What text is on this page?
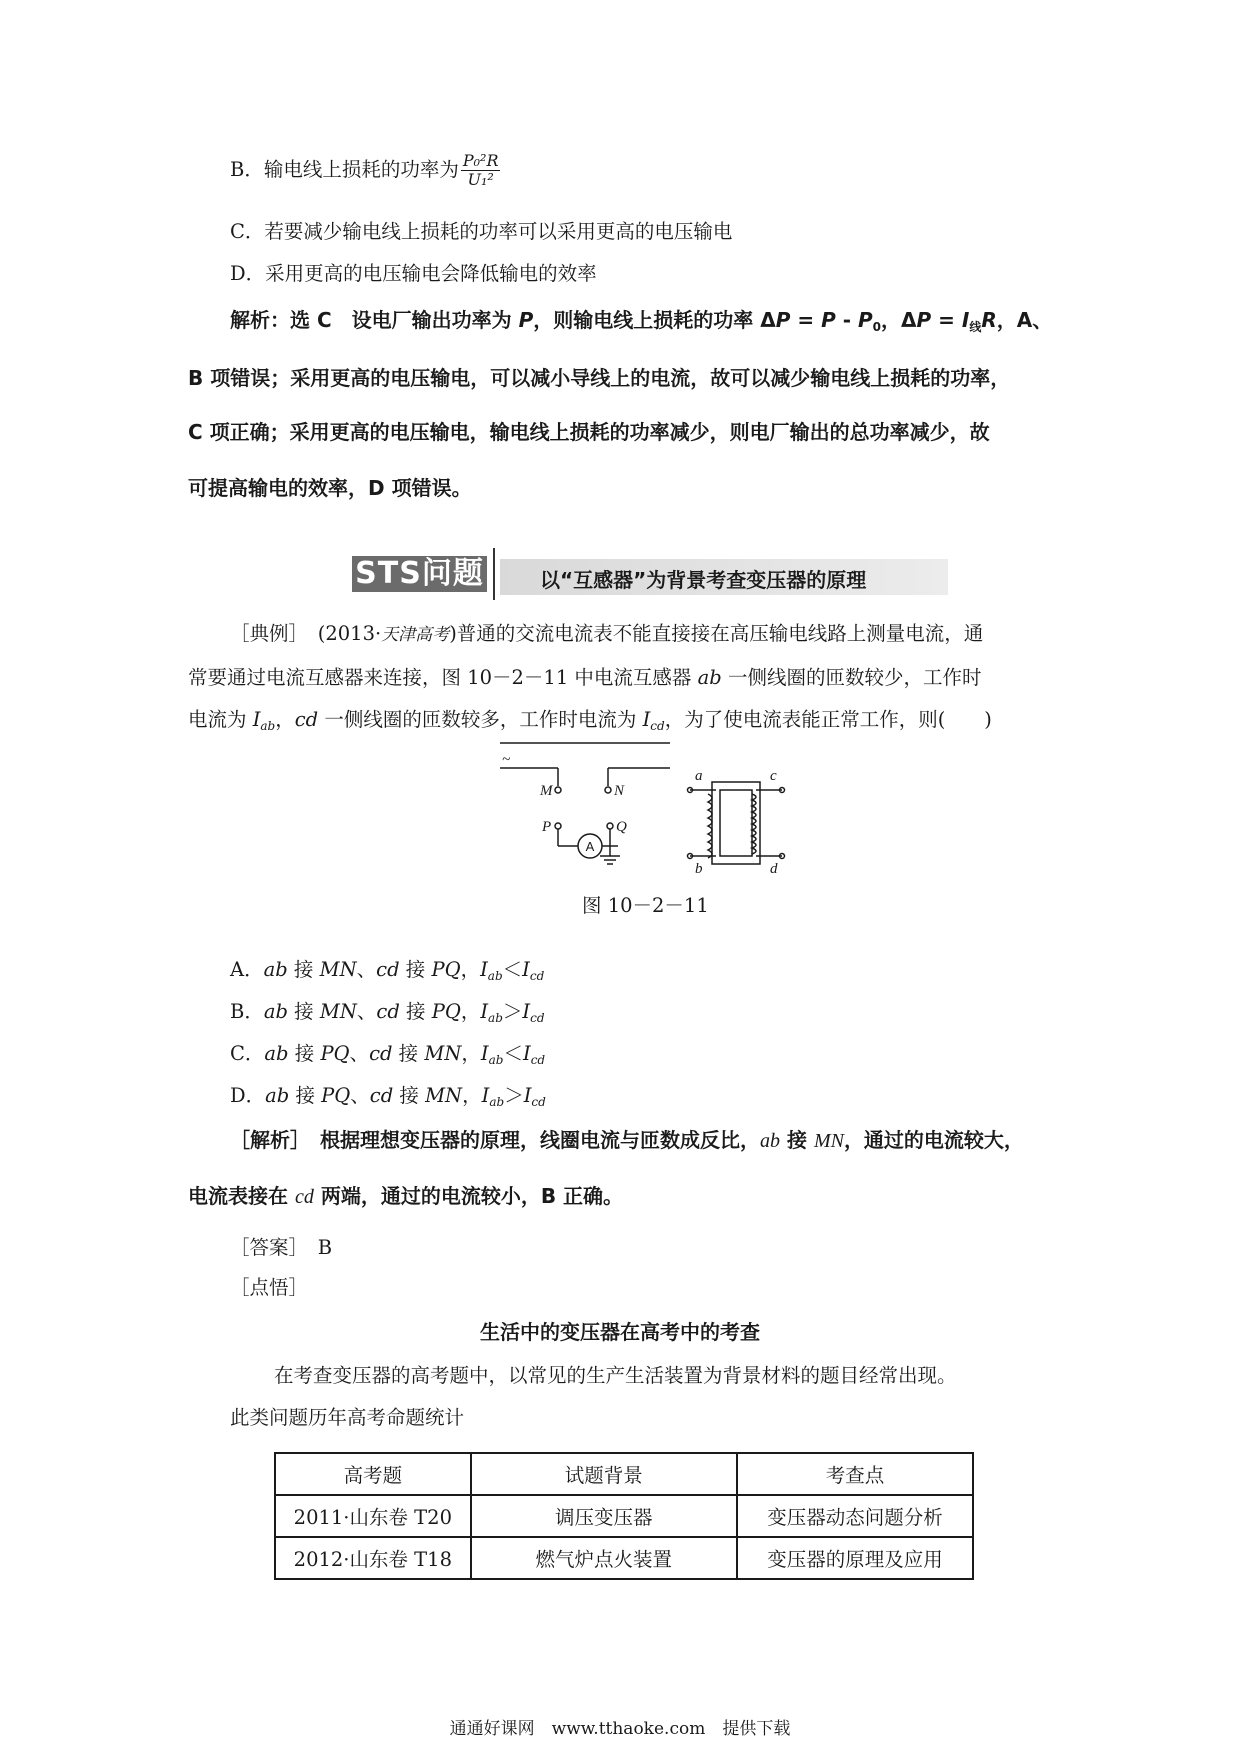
B．输电线上损耗的功率为 $\frac{\text{P₀²R}}{\text{U₁²}}$
C．若要减少输电线上损耗的功率可以采用更高的电压输电
D．采用更高的电压输电会降低输电的效率
解析：选 C　设电厂输出功率为 P，则输电线上损耗的功率 $\Delta P = P - P_0$，$\Delta P = I_线R$，A、
B 项错误；采用更高的电压输电，可以减小导线上的电流，故可以减少输电线上损耗的功率，
C 项正确；采用更高的电压输电，输电线上损耗的功率减少，则电厂输出的总功率减少，故
可提高输电的效率，D 项错误。
STS问题	以“互感器”为背景考查变压器的原理
［典例］　(2013·天津高考)普通的交流电流表不能直接接在高压输电线路上测量电流，通
常要通过电流互感器来连接，图 10－2－11 中电流互感器 ab 一侧线圈的匝数较少，工作时
电流为 $I_{ab}$，cd 一侧线圈的匝数较多，工作时电流为 $I_{cd}$，为了使电流表能正常工作，则(　　)
~
M	N
P	Q
a
b
c
d
A
图 10－2－11
A．ab 接 MN、cd 接 PQ，$I_{ab}<I_{cd}$
B．ab 接 MN、cd 接 PQ，$I_{ab}>I_{cd}$
C．ab 接 PQ、cd 接 MN，$I_{ab}<I_{cd}$
D．ab 接 PQ、cd 接 MN，$I_{ab}>I_{cd}$
［解析］　根据理想变压器的原理，线圈电流与匝数成反比，ab 接 MN，通过的电流较大，
电流表接在 cd 两端，通过的电流较小，B 正确。
［答案］　B
［点悟］
生活中的变压器在高考中的考查
在考查变压器的高考题中，以常见的生产生活装置为背景材料的题目经常出现。
此类问题历年高考命题统计
高考题	试题背景	考查点
2011·山东卷 T20	调压变压器	变压器动态问题分析
2012·山东卷 T18	燃气炉点火装置	变压器的原理及应用
通通好课网　www.tthaoke.com　提供下载
